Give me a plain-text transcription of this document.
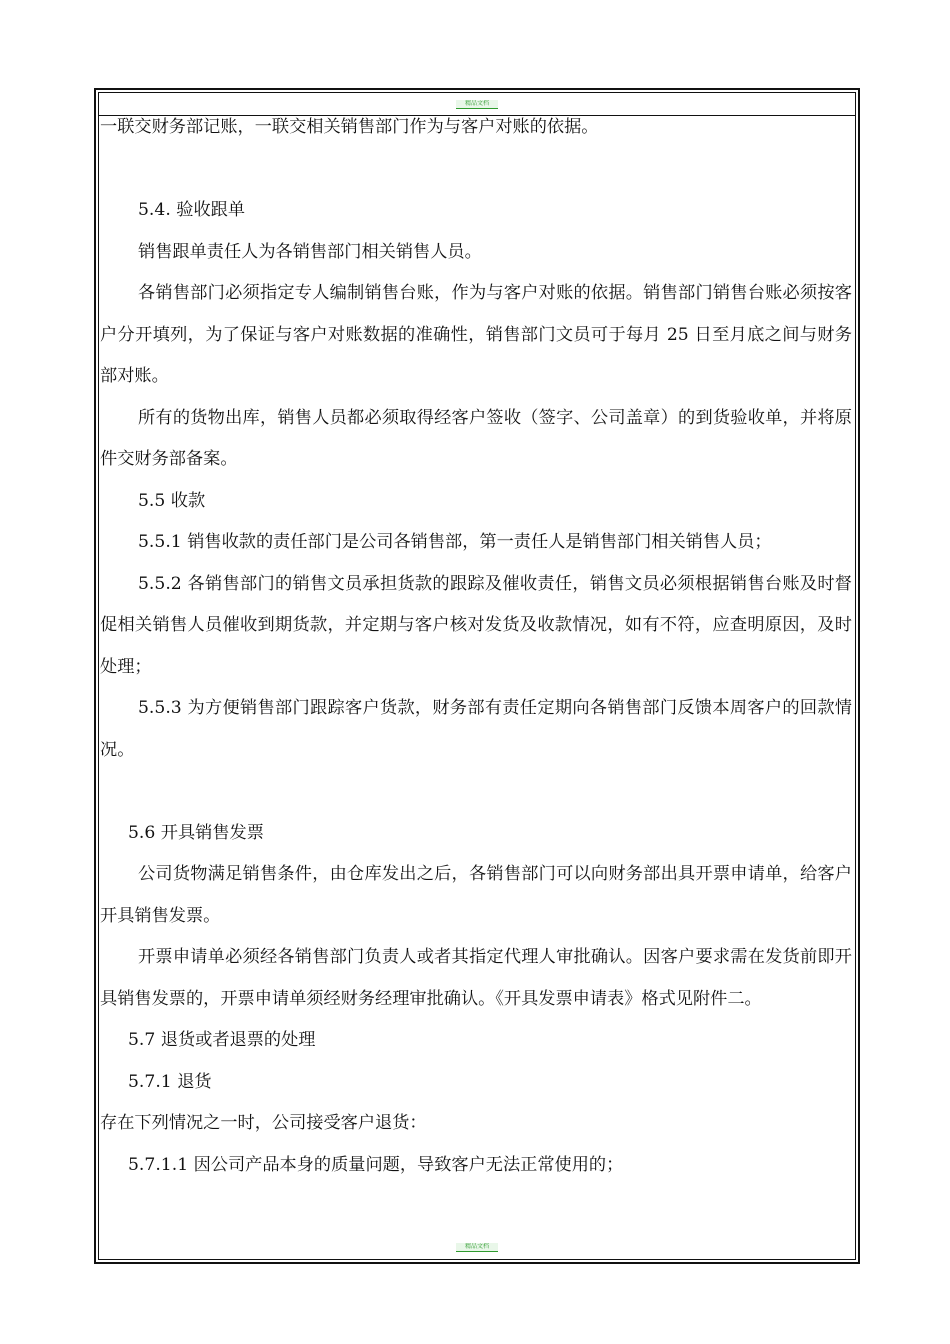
精品文档
精品文档

一联交财务部记账，一联交相关销售部门作为与客户对账的依据。

5.4. 验收跟单

销售跟单责任人为各销售部门相关销售人员。

各销售部门必须指定专人编制销售台账，作为与客户对账的依据。销售部门销售台账必须按客户分开填列，为了保证与客户对账数据的准确性，销售部门文员可于每月 25 日至月底之间与财务部对账。

所有的货物出库，销售人员都必须取得经客户签收（签字、公司盖章）的到货验收单，并将原件交财务部备案。

5.5 收款

5.5.1 销售收款的责任部门是公司各销售部，第一责任人是销售部门相关销售人员；

5.5.2 各销售部门的销售文员承担货款的跟踪及催收责任，销售文员必须根据销售台账及时督促相关销售人员催收到期货款，并定期与客户核对发货及收款情况，如有不符，应查明原因，及时处理；

5.5.3 为方便销售部门跟踪客户货款，财务部有责任定期向各销售部门反馈本周客户的回款情况。

5.6 开具销售发票

公司货物满足销售条件，由仓库发出之后，各销售部门可以向财务部出具开票申请单，给客户开具销售发票。

开票申请单必须经各销售部门负责人或者其指定代理人审批确认。因客户要求需在发货前即开具销售发票的，开票申请单须经财务经理审批确认。《开具发票申请表》格式见附件二。

5.7 退货或者退票的处理

5.7.1 退货

存在下列情况之一时，公司接受客户退货：

5.7.1.1 因公司产品本身的质量问题，导致客户无法正常使用的；
